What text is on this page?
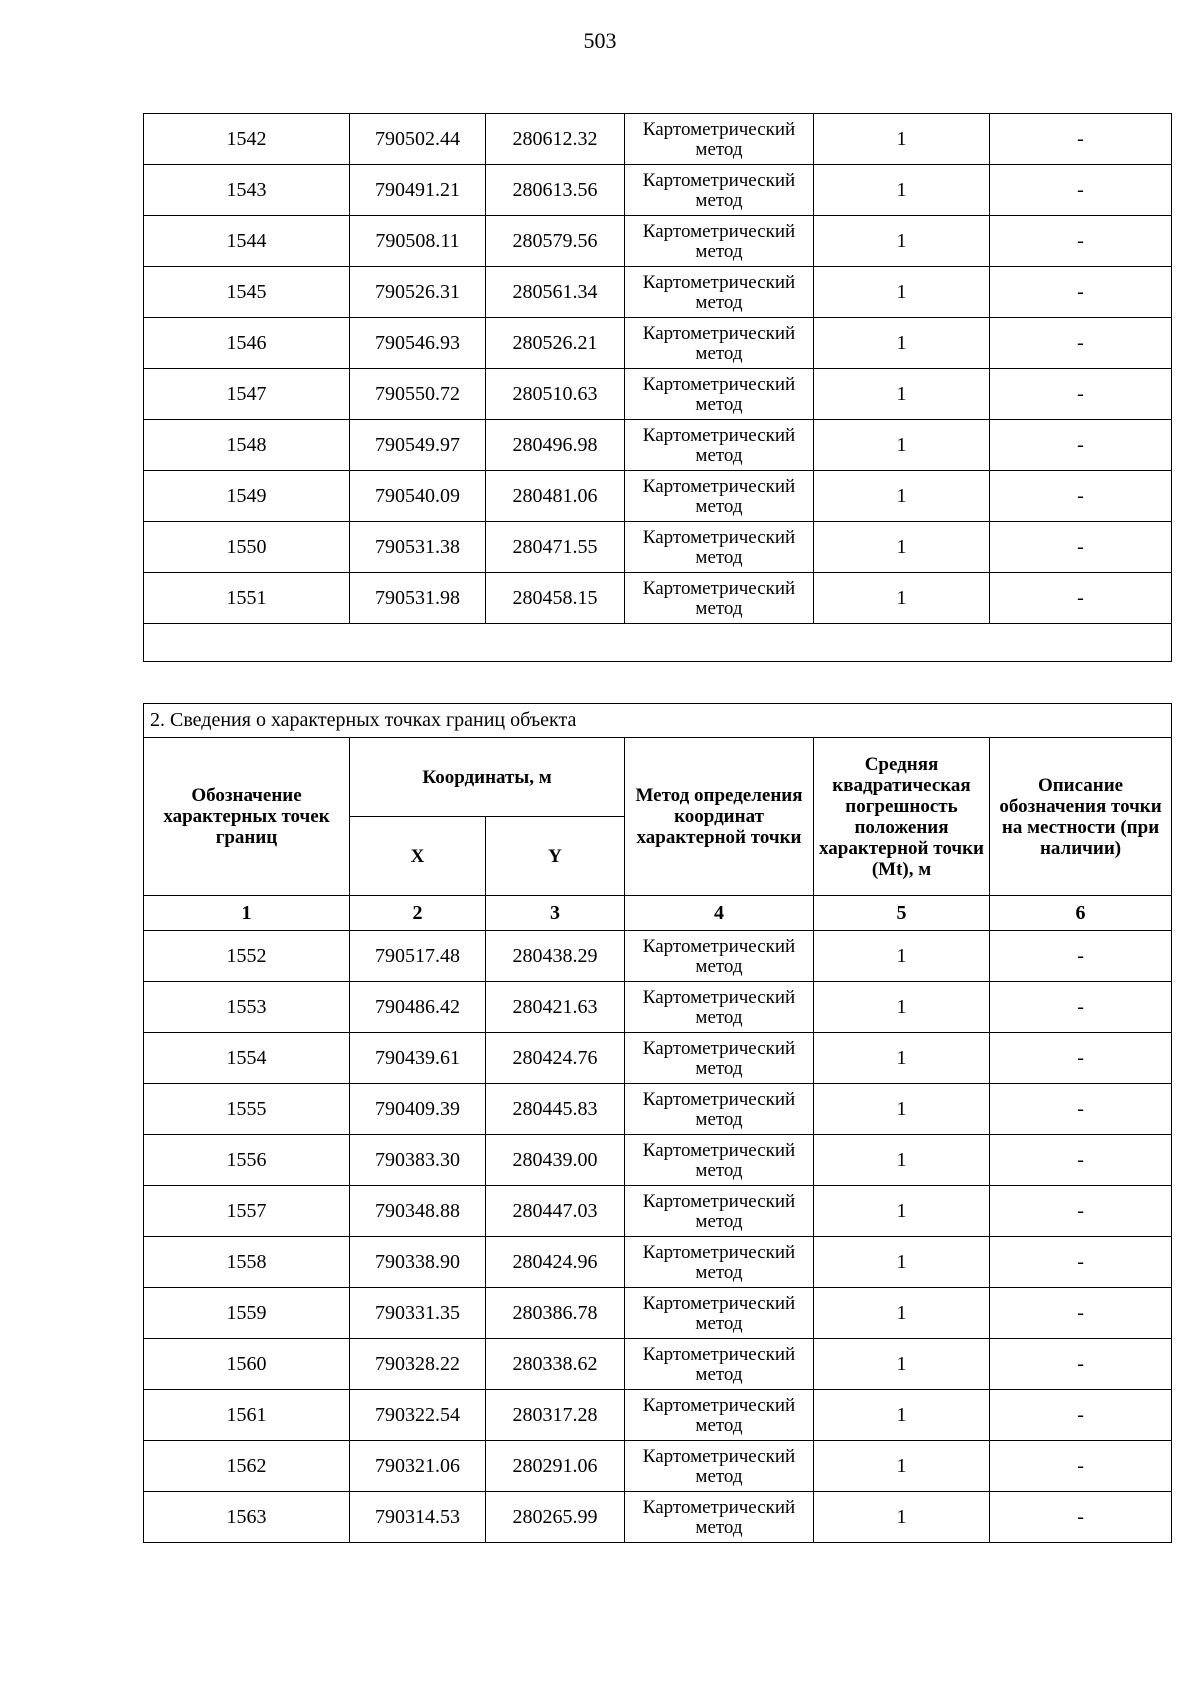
503
1542	790502.44	280612.32	Картометрический метод	1	-
1543	790491.21	280613.56	Картометрический метод	1	-
1544	790508.11	280579.56	Картометрический метод	1	-
1545	790526.31	280561.34	Картометрический метод	1	-
1546	790546.93	280526.21	Картометрический метод	1	-
1547	790550.72	280510.63	Картометрический метод	1	-
1548	790549.97	280496.98	Картометрический метод	1	-
1549	790540.09	280481.06	Картометрический метод	1	-
1550	790531.38	280471.55	Картометрический метод	1	-
1551	790531.98	280458.15	Картометрический метод	1	-

2. Сведения о характерных точках границ объекта					
Обозначение характерных точек границ	Координаты, м		Метод определения координат характерной точки	Средняя квадратическая погрешность положения характерной точки (Mt), м	Описание обозначения точки на местности (при наличии)
	X	Y			
1	2	3	4	5	6
1552	790517.48	280438.29	Картометрический метод	1	-
1553	790486.42	280421.63	Картометрический метод	1	-
1554	790439.61	280424.76	Картометрический метод	1	-
1555	790409.39	280445.83	Картометрический метод	1	-
1556	790383.30	280439.00	Картометрический метод	1	-
1557	790348.88	280447.03	Картометрический метод	1	-
1558	790338.90	280424.96	Картометрический метод	1	-
1559	790331.35	280386.78	Картометрический метод	1	-
1560	790328.22	280338.62	Картометрический метод	1	-
1561	790322.54	280317.28	Картометрический метод	1	-
1562	790321.06	280291.06	Картометрический метод	1	-
1563	790314.53	280265.99	Картометрический метод	1	-
